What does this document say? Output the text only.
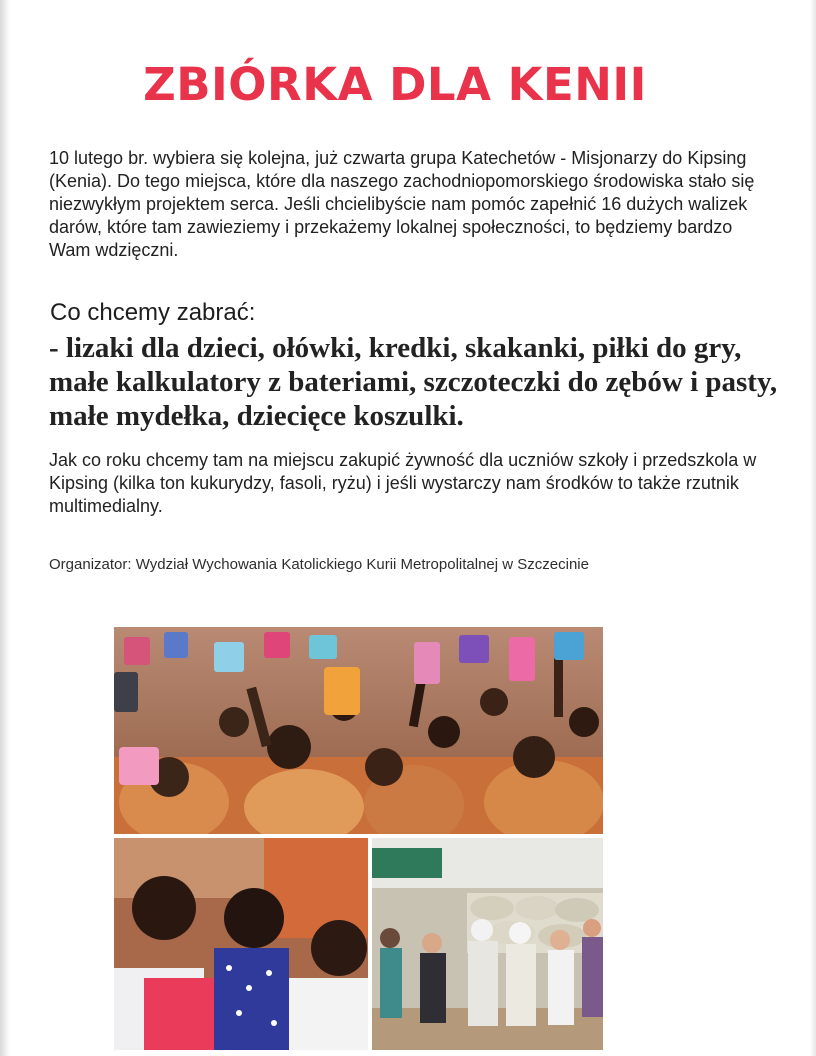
ZBIÓRKA DLA KENII

10 lutego br. wybiera się kolejna, już czwarta grupa Katechetów - Misjonarzy do Kipsing (Kenia). Do tego miejsca, które dla naszego zachodniopomorskiego środowiska stało się niezwykłym projektem serca. Jeśli chcielibyście nam pomóc zapełnić 16 dużych walizek darów, które tam zawieziemy i przekażemy lokalnej społeczności, to będziemy bardzo Wam wdzięczni.

Co chcemy zabrać:

- lizaki dla dzieci, ołówki, kredki, skakanki, piłki do gry, małe kalkulatory z bateriami, szczoteczki do zębów i pasty, małe mydełka, dziecięce koszulki.

Jak co roku chcemy tam na miejscu zakupić żywność dla uczniów szkoły i przedszkola w Kipsing (kilka ton kukurydzy, fasoli, ryżu) i jeśli wystarczy nam środków to także rzutnik multimedialny.

Organizator: Wydział Wychowania Katolickiego Kurii Metropolitalnej w Szczecinie
